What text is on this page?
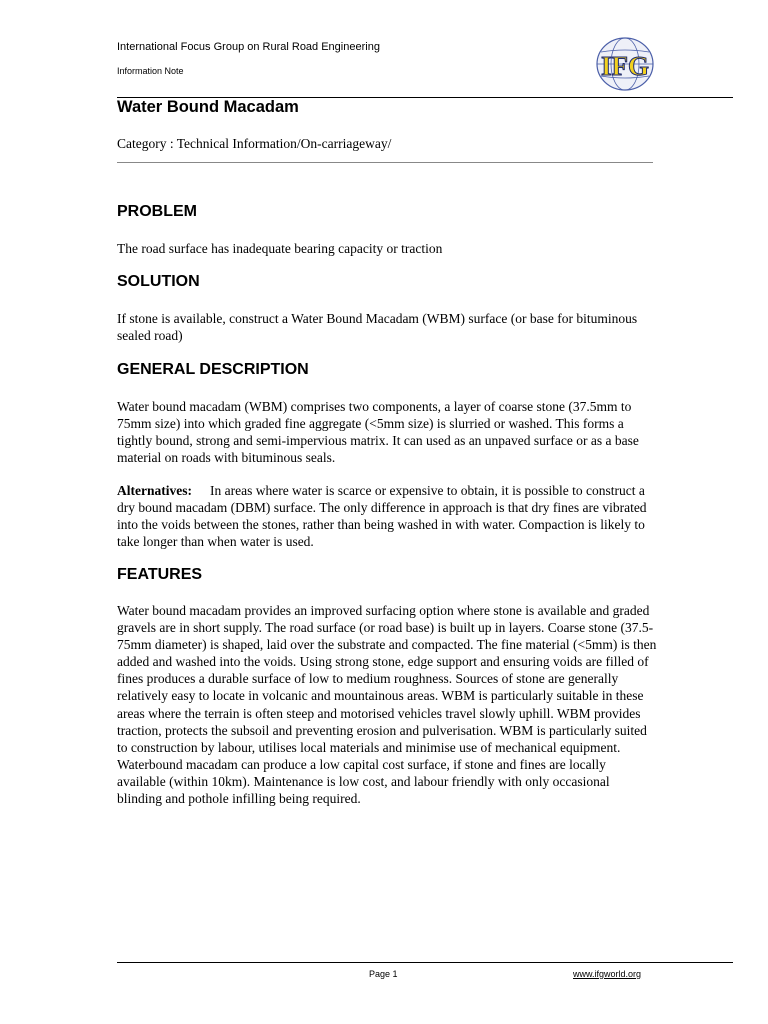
International Focus Group on Rural Road Engineering
Information Note	IFG
Water Bound Macadam
Category : Technical Information/On-carriageway/
PROBLEM

The road surface has inadequate bearing capacity or traction

SOLUTION

If stone is available, construct a Water Bound Macadam (WBM) surface (or base for bituminous sealed road)

GENERAL DESCRIPTION

Water bound macadam (WBM) comprises two components, a layer of coarse stone (37.5mm to 75mm size) into which graded fine aggregate (<5mm size) is slurried or washed. This forms a tightly bound, strong and semi-impervious matrix. It can used as an unpaved surface or as a base material on roads with bituminous seals.

Alternatives: In areas where water is scarce or expensive to obtain, it is possible to construct a dry bound macadam (DBM) surface. The only difference in approach is that dry fines are vibrated into the voids between the stones, rather than being washed in with water. Compaction is likely to take longer than when water is used.

FEATURES

Water bound macadam provides an improved surfacing option where stone is available and graded gravels are in short supply. The road surface (or road base) is built up in layers. Coarse stone (37.5-75mm diameter) is shaped, laid over the substrate and compacted. The fine material (<5mm) is then added and washed into the voids. Using strong stone, edge support and ensuring voids are filled of fines produces a durable surface of low to medium roughness. Sources of stone are generally relatively easy to locate in volcanic and mountainous areas. WBM is particularly suitable in these areas where the terrain is often steep and motorised vehicles travel slowly uphill. WBM provides traction, protects the subsoil and preventing erosion and pulverisation. WBM is particularly suited to construction by labour, utilises local materials and minimise use of mechanical equipment. Waterbound macadam can produce a low capital cost surface, if stone and fines are locally available (within 10km). Maintenance is low cost, and labour friendly with only occasional blinding and pothole infilling being required.

Page 1	www.ifgworld.org
